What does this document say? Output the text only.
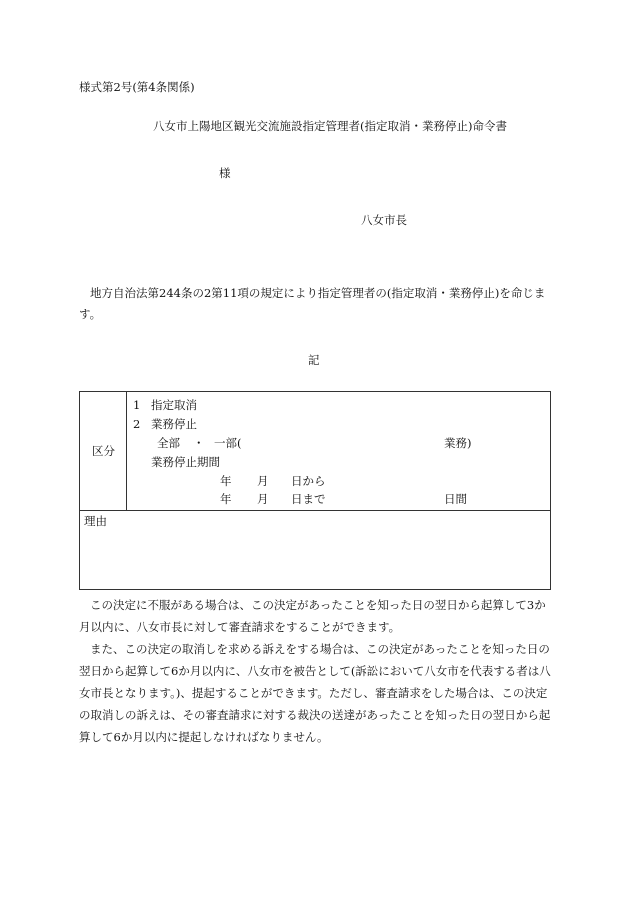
様式第2号(第4条関係)
八女市上陽地区観光交流施設指定管理者(指定取消・業務停止)命令書
様
八女市長
地方自治法第244条の2第11項の規定により指定管理者の(指定取消・業務停止)を命じます。
記
区分
1 指定取消
2 業務停止
全部 ・ 一部(	業務)
業務停止期間
年 月 日から
年 月 日まで	日間
理由
この決定に不服がある場合は、この決定があったことを知った日の翌日から起算して3か月以内に、八女市長に対して審査請求をすることができます。
また、この決定の取消しを求める訴えをする場合は、この決定があったことを知った日の翌日から起算して6か月以内に、八女市を被告として(訴訟において八女市を代表する者は八女市長となります。)、提起することができます。ただし、審査請求をした場合は、この決定の取消しの訴えは、その審査請求に対する裁決の送達があったことを知った日の翌日から起算して6か月以内に提起しなければなりません。
